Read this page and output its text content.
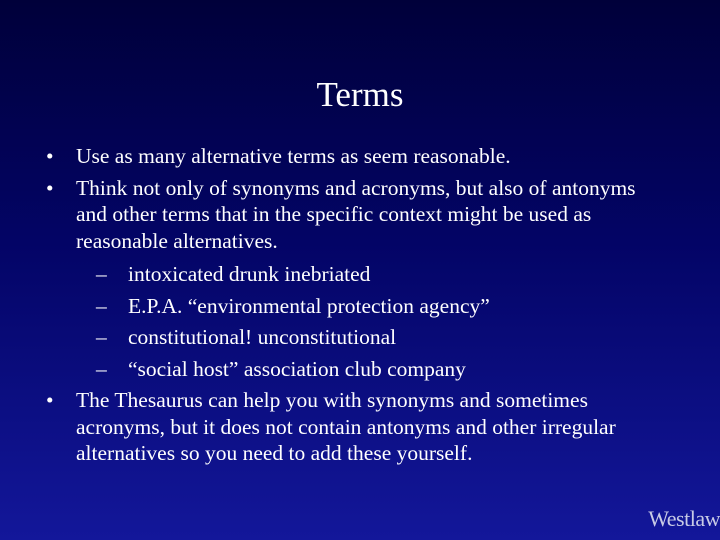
Terms
•	Use as many alternative terms as seem reasonable.
•	Think not only of synonyms and acronyms, but also of antonyms and other terms that in the specific context might be used as reasonable alternatives.
– intoxicated drunk inebriated
– E.P.A. “environmental protection agency”
– constitutional! unconstitutional
– “social host” association club company
•	The Thesaurus can help you with synonyms and sometimes acronyms, but it does not contain antonyms and other irregular alternatives so you need to add these yourself.
Westlaw
